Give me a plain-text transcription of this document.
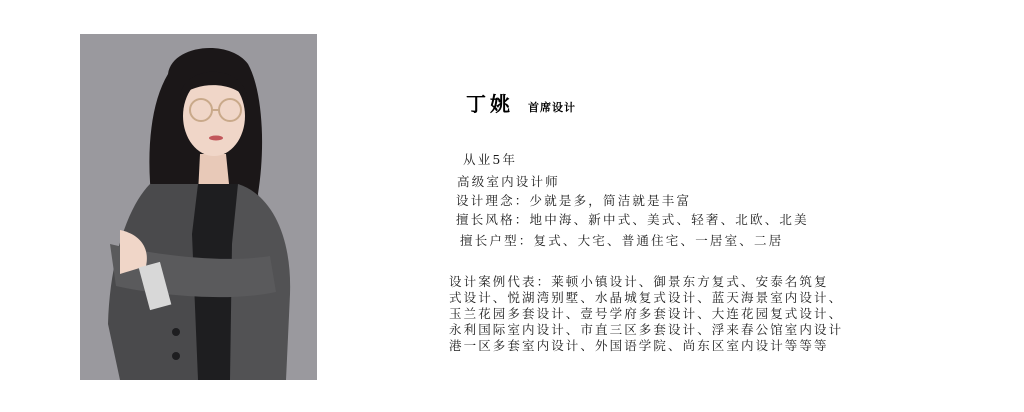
丁姚 首席设计
从业5年
高级室内设计师
设计理念：少就是多，简洁就是丰富
擅长风格：地中海、新中式、美式、轻奢、北欧、北美
擅长户型：复式、大宅、普通住宅、一居室、二居
设计案例代表：莱顿小镇设计、御景东方复式、安泰名筑复
式设计、悦湖湾别墅、水晶城复式设计、蓝天海景室内设计、
玉兰花园多套设计、壹号学府多套设计、大连花园复式设计、
永利国际室内设计、市直三区多套设计、浮来春公馆室内设计
港一区多套室内设计、外国语学院、尚东区室内设计等等等
